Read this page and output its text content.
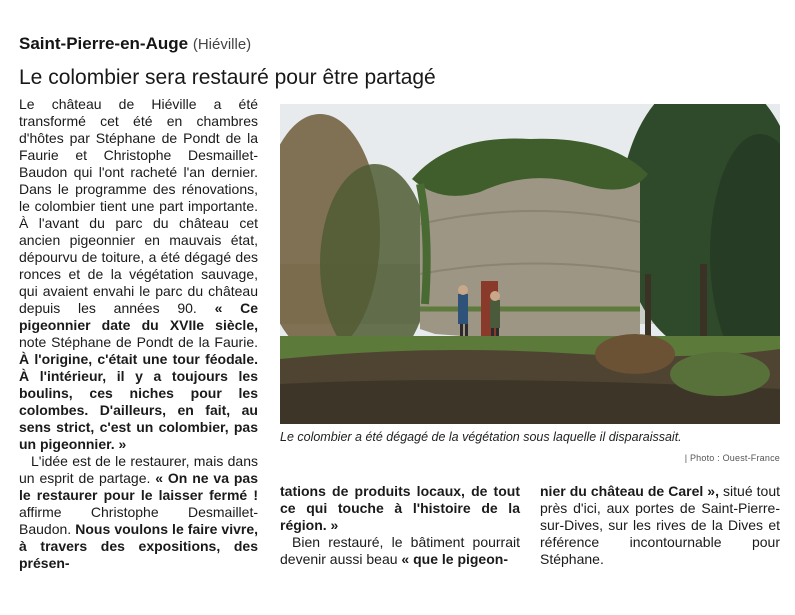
Saint-Pierre-en-Auge (Hiéville)
Le colombier sera restauré pour être partagé

Le château de Hiéville a été transformé cet été en chambres d'hôtes par Stéphane de Pondt de la Faurie et Christophe Desmaillet-Baudon qui l'ont racheté l'an dernier. Dans le programme des rénovations, le colombier tient une part importante. À l'avant du parc du château cet ancien pigeonnier en mauvais état, dépourvu de toiture, a été dégagé des ronces et de la végétation sauvage, qui avaient envahi le parc du château depuis les années 90. « Ce pigeonnier date du XVIIe siècle, note Stéphane de Pondt de la Faurie. À l'origine, c'était une tour féodale. À l'intérieur, il y a toujours les boulins, ces niches pour les colombes. D'ailleurs, en fait, au sens strict, c'est un colombier, pas un pigeonnier. »

L'idée est de le restaurer, mais dans un esprit de partage. « On ne va pas le restaurer pour le laisser fermé ! affirme Christophe Desmaillet-Baudon. Nous voulons le faire vivre, à travers des expositions, des présen-

Le colombier a été dégagé de la végétation sous laquelle il disparaissait.
| Photo : Ouest-France

tations de produits locaux, de tout ce qui touche à l'histoire de la région. »

Bien restauré, le bâtiment pourrait devenir aussi beau « que le pigeon-

nier du château de Carel », situé tout près d'ici, aux portes de Saint-Pierre-sur-Dives, sur les rives de la Dives et référence incontournable pour Stéphane.
